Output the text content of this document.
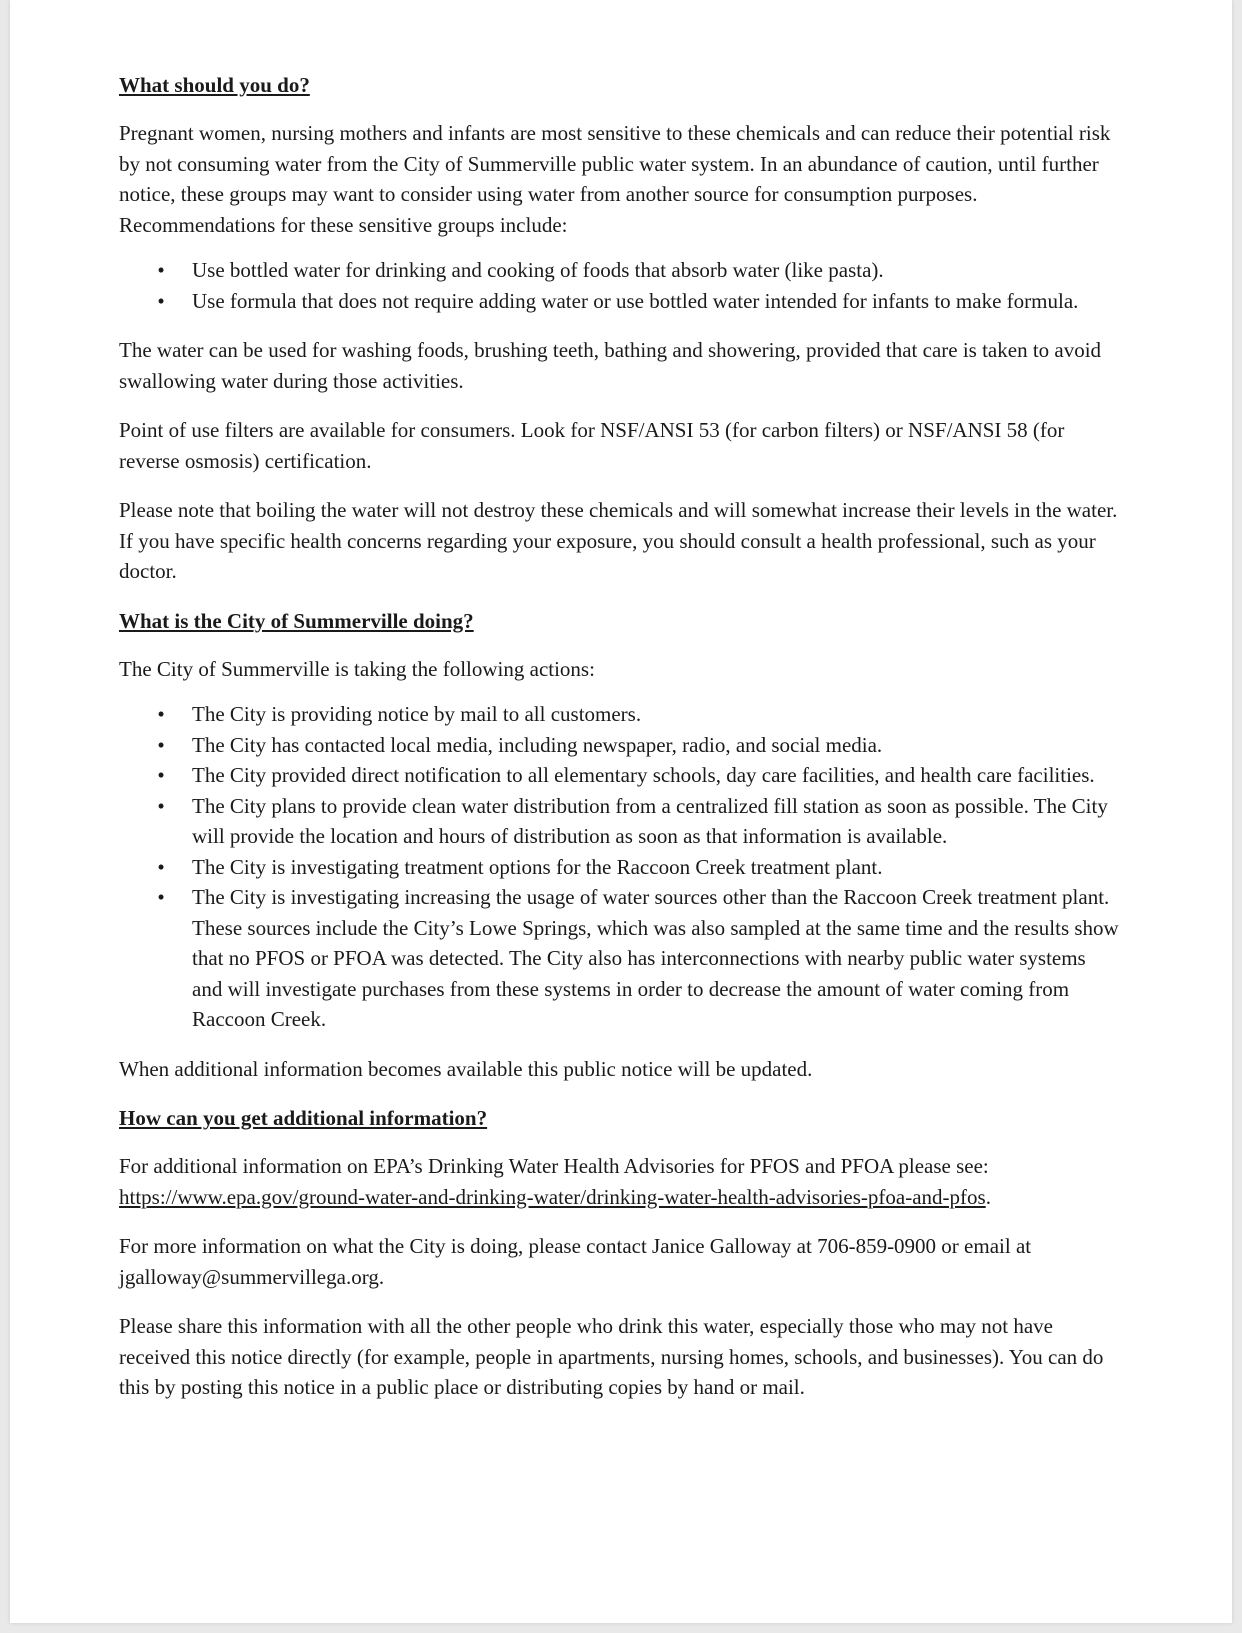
What should you do?

Pregnant women, nursing mothers and infants are most sensitive to these chemicals and can reduce their potential risk by not consuming water from the City of Summerville public water system. In an abundance of caution, until further notice, these groups may want to consider using water from another source for consumption purposes. Recommendations for these sensitive groups include:

•	Use bottled water for drinking and cooking of foods that absorb water (like pasta).
•	Use formula that does not require adding water or use bottled water intended for infants to make formula.

The water can be used for washing foods, brushing teeth, bathing and showering, provided that care is taken to avoid swallowing water during those activities.

Point of use filters are available for consumers. Look for NSF/ANSI 53 (for carbon filters) or NSF/ANSI 58 (for reverse osmosis) certification.

Please note that boiling the water will not destroy these chemicals and will somewhat increase their levels in the water. If you have specific health concerns regarding your exposure, you should consult a health professional, such as your doctor.

What is the City of Summerville doing?

The City of Summerville is taking the following actions:

•	The City is providing notice by mail to all customers.
•	The City has contacted local media, including newspaper, radio, and social media.
•	The City provided direct notification to all elementary schools, day care facilities, and health care facilities.
•	The City plans to provide clean water distribution from a centralized fill station as soon as possible. The City will provide the location and hours of distribution as soon as that information is available.
•	The City is investigating treatment options for the Raccoon Creek treatment plant.
•	The City is investigating increasing the usage of water sources other than the Raccoon Creek treatment plant. These sources include the City’s Lowe Springs, which was also sampled at the same time and the results show that no PFOS or PFOA was detected. The City also has interconnections with nearby public water systems and will investigate purchases from these systems in order to decrease the amount of water coming from Raccoon Creek.

When additional information becomes available this public notice will be updated.

How can you get additional information?

For additional information on EPA’s Drinking Water Health Advisories for PFOS and PFOA please see: https://www.epa.gov/ground-water-and-drinking-water/drinking-water-health-advisories-pfoa-and-pfos.

For more information on what the City is doing, please contact Janice Galloway at 706-859-0900 or email at jgalloway@summervillega.org.

Please share this information with all the other people who drink this water, especially those who may not have received this notice directly (for example, people in apartments, nursing homes, schools, and businesses). You can do this by posting this notice in a public place or distributing copies by hand or mail.
